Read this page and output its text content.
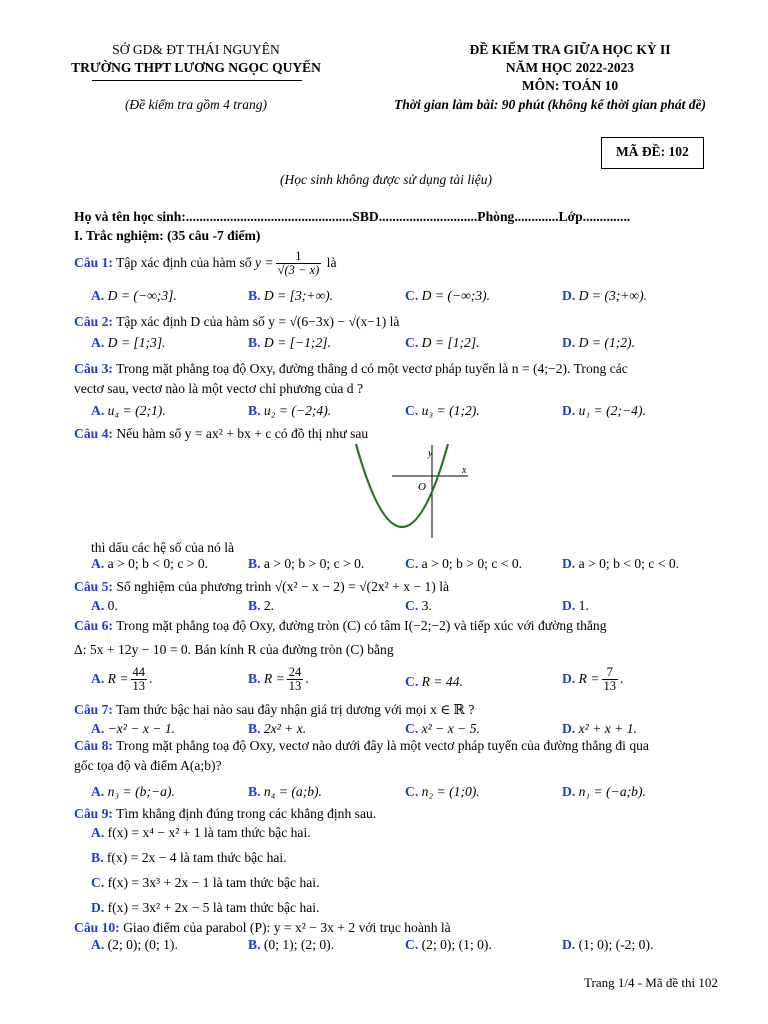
SỞ GD& ĐT THÁI NGUYÊN
TRƯỜNG THPT LƯƠNG NGỌC QUYẾN
(Đề kiểm tra gồm 4 trang)
ĐỀ KIỂM TRA GIỮA HỌC KỲ II
NĂM HỌC 2022-2023
MÔN: TOÁN 10
Thời gian làm bài: 90 phút (không kể thời gian phát đề)
MÃ ĐỀ: 102
(Học sinh không được sử dụng tài liệu)
Họ và tên học sinh:.................................................SBD.............................Phòng.............Lớp..............
I. Trắc nghiệm: (35 câu -7 điểm)
Câu 1: Tập xác định của hàm số $y = \frac{1}{√(3 - x)}$ là
A. D = (−∞;3].	B. D = [3;+∞).	C. D = (−∞;3).	D. D = (3;+∞).
Câu 2: Tập xác định D của hàm số y = √(6−3x) − √(x−1) là
A. D = [1;3].	B. D = [−1;2].	C. D = [1;2].	D. D = (1;2).
Câu 3: Trong mặt phẳng toạ độ Oxy, đường thẳng d có một vectơ pháp tuyến là n = (4;−2). Trong các
vectơ sau, vectơ nào là một vectơ chỉ phương của d ?
A. u₄ = (2;1).	B. u₂ = (−2;4).	C. u₃ = (1;2).	D. u₁ = (2;−4).
Câu 4: Nếu hàm số y = ax² + bx + c có đồ thị như sau
y
x
O
thì dấu các hệ số của nó là
A. a > 0; b < 0; c > 0.	B. a > 0; b > 0; c > 0.	C. a > 0; b > 0; c < 0.	D. a > 0; b < 0; c < 0.
Câu 5: Số nghiệm của phương trình √(x² − x − 2) = √(2x² + x − 1) là
A. 0.	B. 2.	C. 3.	D. 1.
Câu 6: Trong mặt phẳng toạ độ Oxy, đường tròn (C) có tâm I(−2;−2) và tiếp xúc với đường thẳng
Δ: 5x + 12y − 10 = 0. Bán kính R của đường tròn (C) bằng
A. $R = \frac{44}{13}$ .	B. $R = \frac{24}{13}$ .	C. R = 44.	D. $R = \frac{7}{13}$ .
Câu 7: Tam thức bậc hai nào sau đây nhận giá trị dương với mọi x ∈ ℝ ?
A. −x² − x − 1.	B. 2x² + x.	C. x² − x − 5.	D. x² + x + 1.
Câu 8: Trong mặt phẳng toạ độ Oxy, vectơ nào dưới đây là một vectơ pháp tuyến của đường thẳng đi qua
gốc tọa độ và điểm A(a;b)?
A. n₃ = (b;−a).	B. n₄ = (a;b).	C. n₂ = (1;0).	D. n₁ = (−a;b).
Câu 9: Tìm khẳng định đúng trong các khẳng định sau.
A. f(x) = x⁴ − x² + 1 là tam thức bậc hai.
B. f(x) = 2x − 4 là tam thức bậc hai.
C. f(x) = 3x³ + 2x − 1 là tam thức bậc hai.
D. f(x) = 3x² + 2x − 5 là tam thức bậc hai.
Câu 10: Giao điểm của parabol (P): y = x² − 3x + 2 với trục hoành là
A. (2; 0); (0; 1).	B. (0; 1); (2; 0).	C. (2; 0); (1; 0).	D. (1; 0); (-2; 0).
Trang 1/4 - Mã đề thi 102
